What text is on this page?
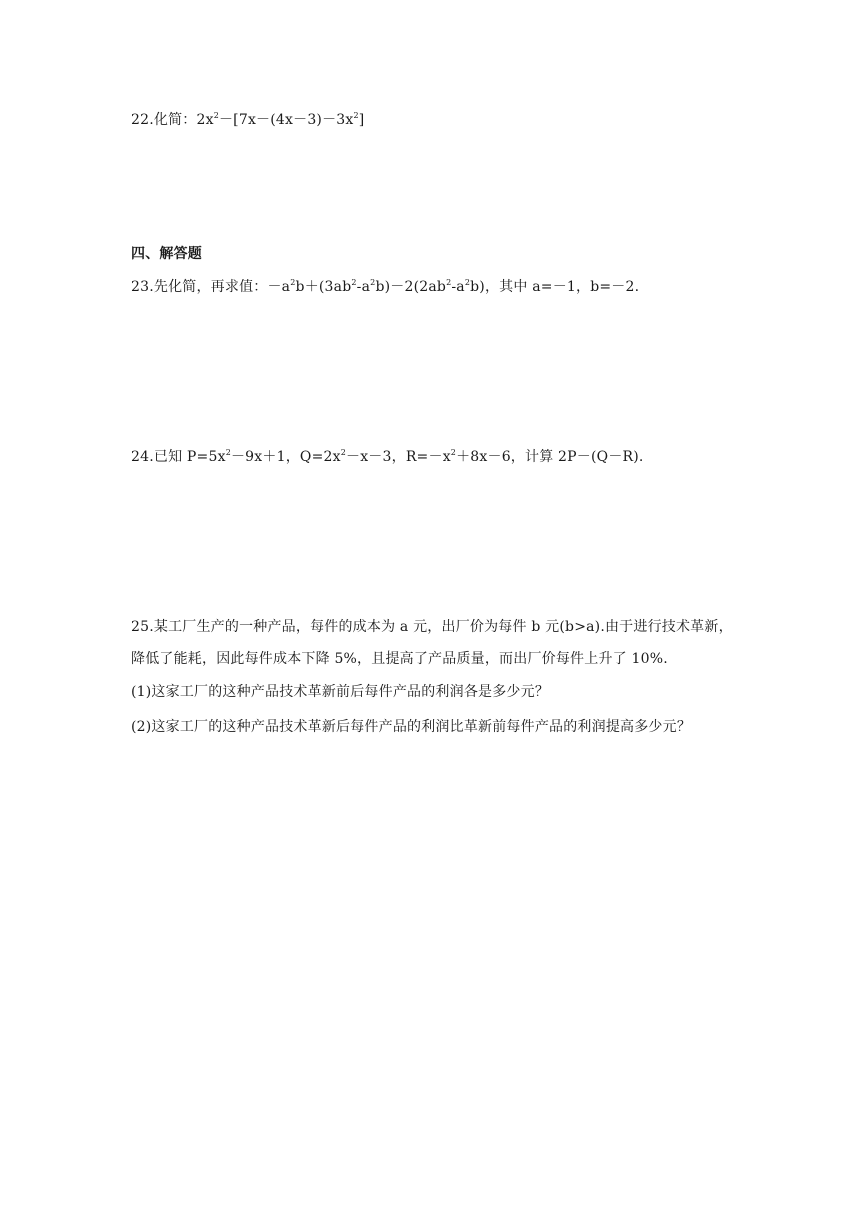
22.化简：$2x^2-[7x-(4x-3)-3x^2]$
四、解答题
23.先化简，再求值：$-a^2b+(3ab^2-a^2b)-2(2ab^2-a^2b)$，其中 a=－1，b=－2.
24.已知 $P=5x^2-9x+1$，$Q=2x^2-x-3$，$R=-x^2+8x-6$，计算 2P－(Q－R).
25.某工厂生产的一种产品，每件的成本为 a 元，出厂价为每件 b 元(b>a).由于进行技术革新，
降低了能耗，因此每件成本下降 5%，且提高了产品质量，而出厂价每件上升了 10%.
(1)这家工厂的这种产品技术革新前后每件产品的利润各是多少元？
(2)这家工厂的这种产品技术革新后每件产品的利润比革新前每件产品的利润提高多少元？
